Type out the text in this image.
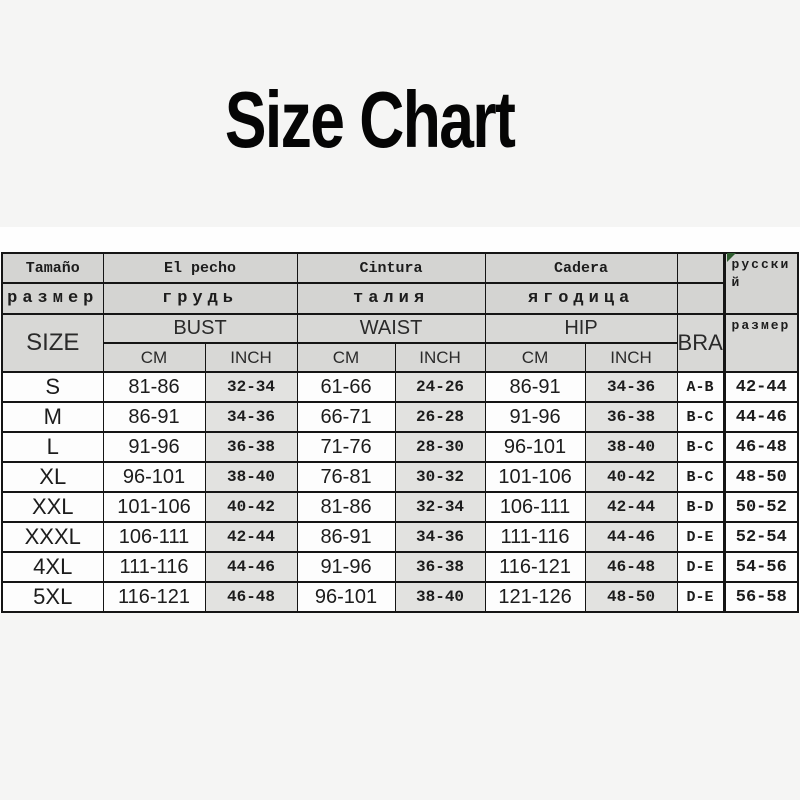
Size Chart
Tamaño	El pecho		Cintura		Cadera			русский
размер	грудь		талия		ягодица			
SIZE	BUST		WAIST		HIP		BRA	размер
	CM	INCH	CM	INCH	CM	INCH		
S	81-86	32-34	61-66	24-26	86-91	34-36	A-B	42-44
M	86-91	34-36	66-71	26-28	91-96	36-38	B-C	44-46
L	91-96	36-38	71-76	28-30	96-101	38-40	B-C	46-48
XL	96-101	38-40	76-81	30-32	101-106	40-42	B-C	48-50
XXL	101-106	40-42	81-86	32-34	106-111	42-44	B-D	50-52
XXXL	106-111	42-44	86-91	34-36	111-116	44-46	D-E	52-54
4XL	111-116	44-46	91-96	36-38	116-121	46-48	D-E	54-56
5XL	116-121	46-48	96-101	38-40	121-126	48-50	D-E	56-58
